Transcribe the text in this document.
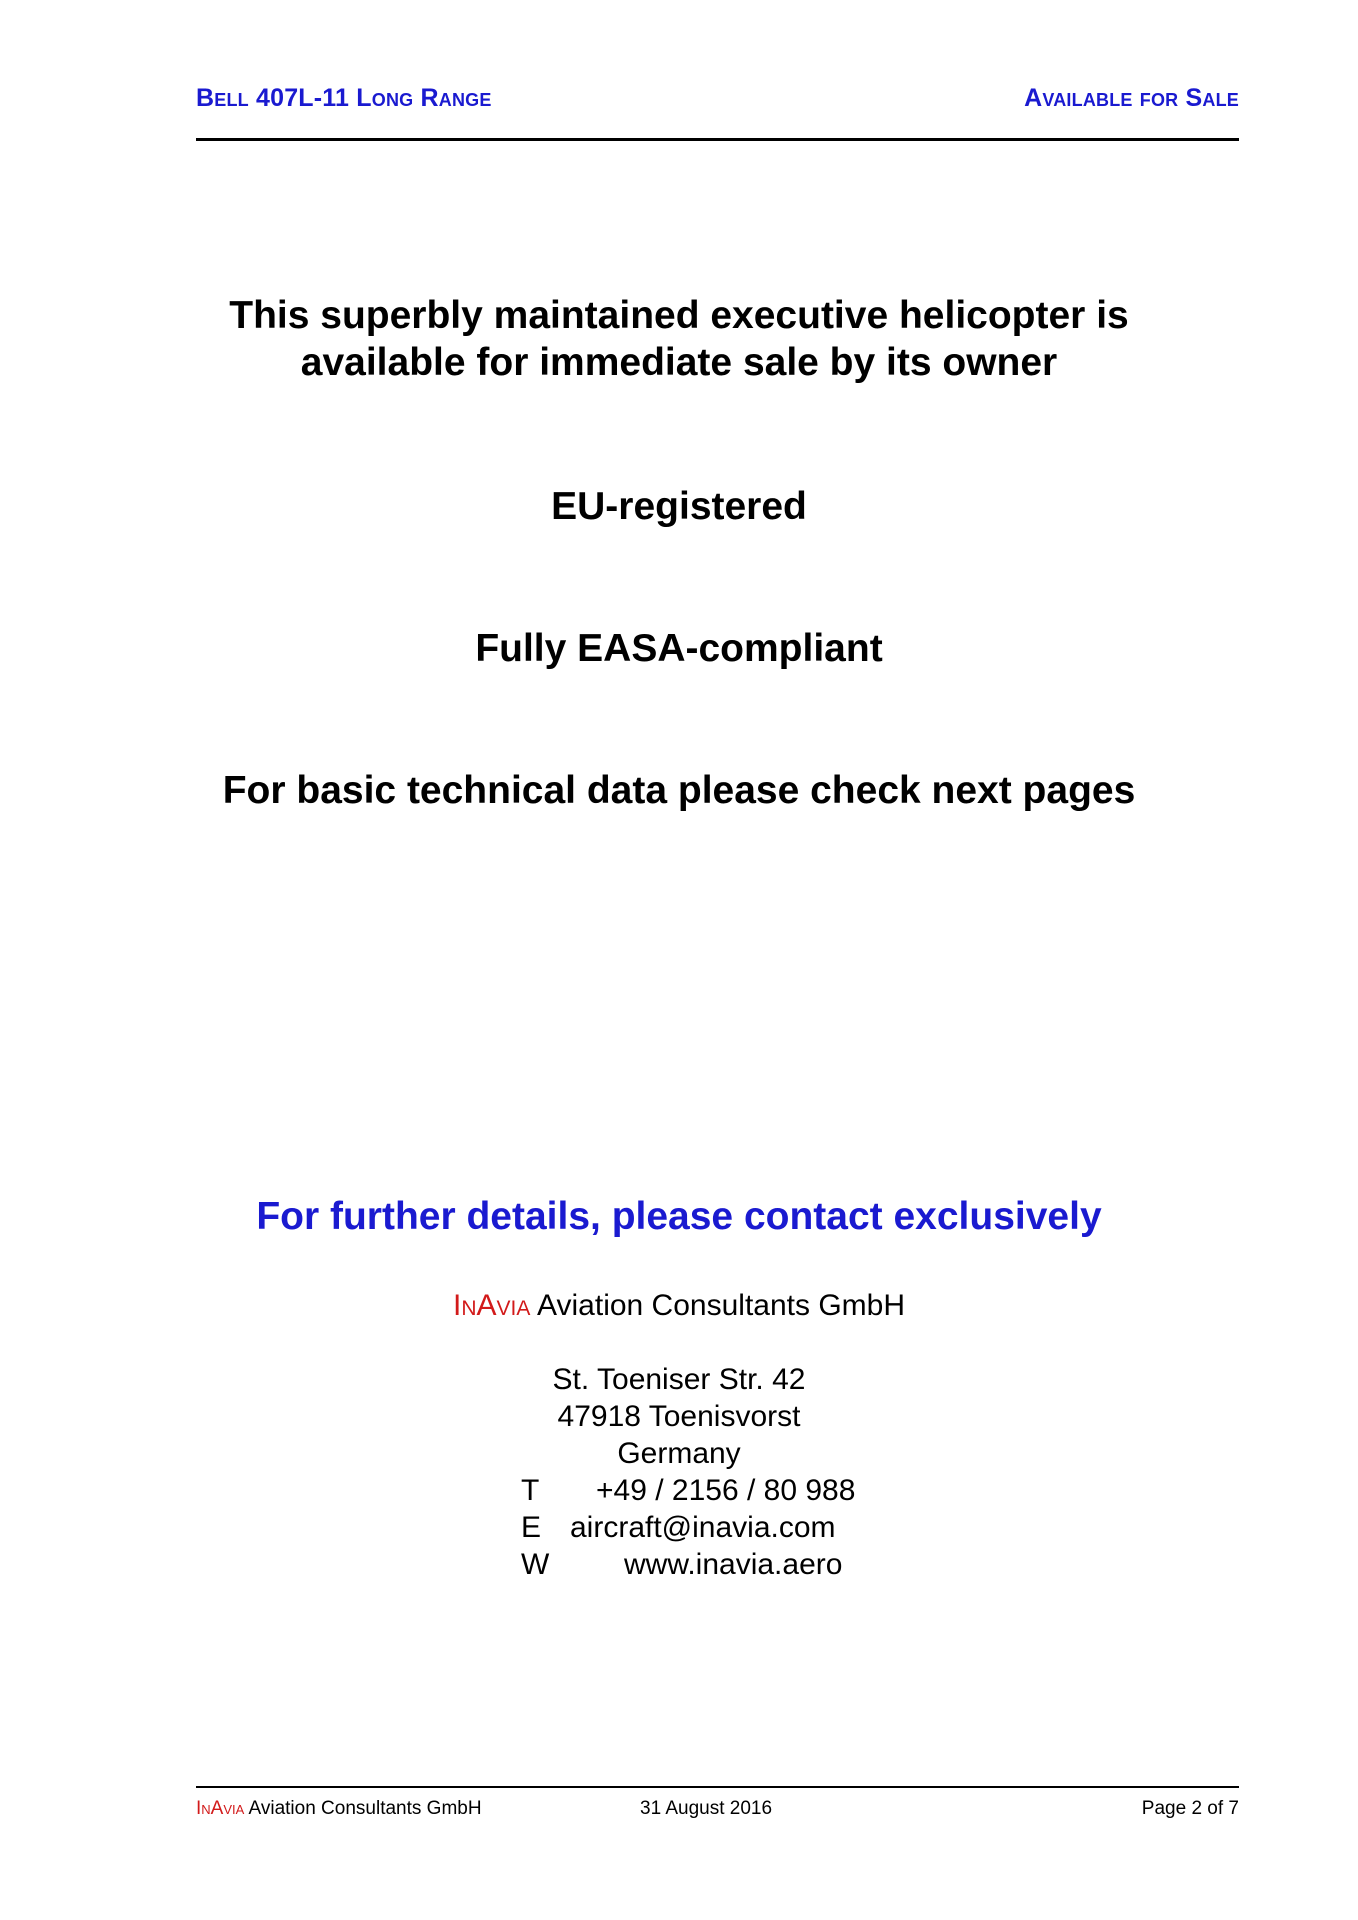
Bell 407L-11 Long Range	Available for Sale
This superbly maintained executive helicopter is
available for immediate sale by its owner
EU-registered
Fully EASA-compliant
For basic technical data please check next pages
For further details, please contact exclusively
InAvia Aviation Consultants GmbH
St. Toeniser Str. 42
47918 Toenisvorst
Germany
T +49 / 2156 / 80 988
E aircraft@inavia.com
W www.inavia.aero
InAvia Aviation Consultants GmbH	31 August 2016	Page 2 of 7
